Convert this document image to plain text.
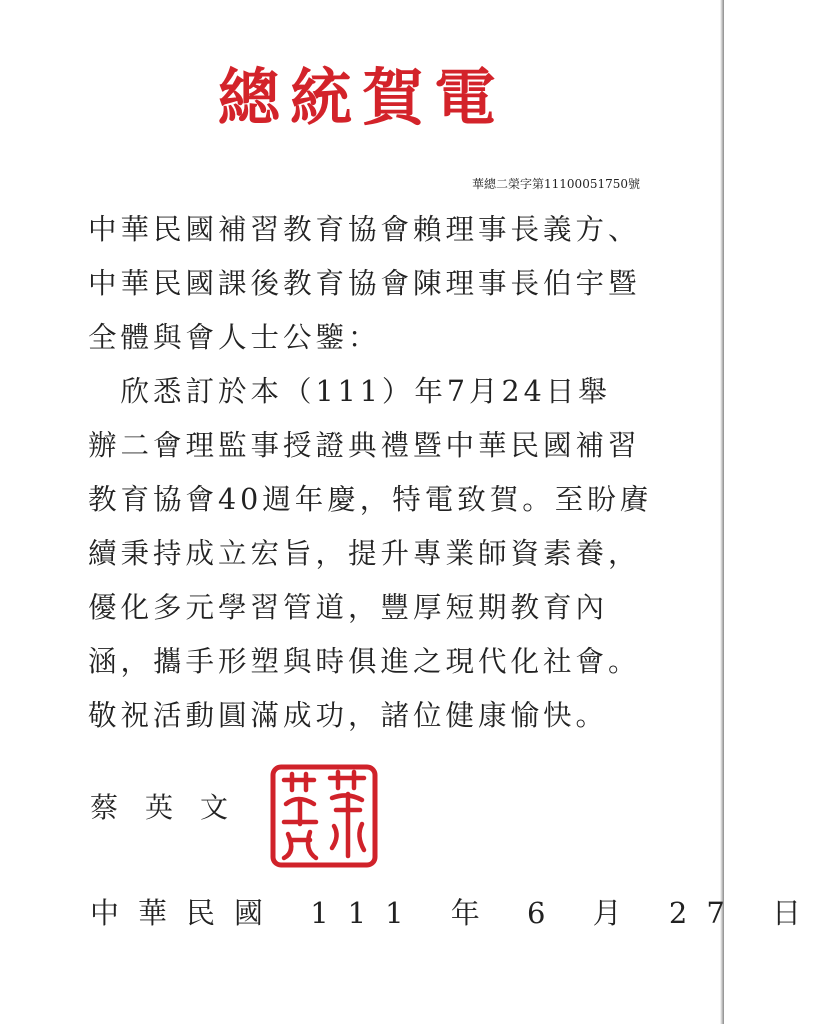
總統賀電
華總二榮字第11100051750號
中華民國補習教育協會賴理事長義方、
中華民國課後教育協會陳理事長伯宇暨
全體與會人士公鑒：
　欣悉訂於本（111）年7月24日舉
辦二會理監事授證典禮暨中華民國補習
教育協會40週年慶，特電致賀。至盼賡
續秉持成立宏旨，提升專業師資素養，
優化多元學習管道，豐厚短期教育內
涵，攜手形塑與時俱進之現代化社會。
敬祝活動圓滿成功，諸位健康愉快。
蔡英文
中華民國 111 年 6 月 27 日
